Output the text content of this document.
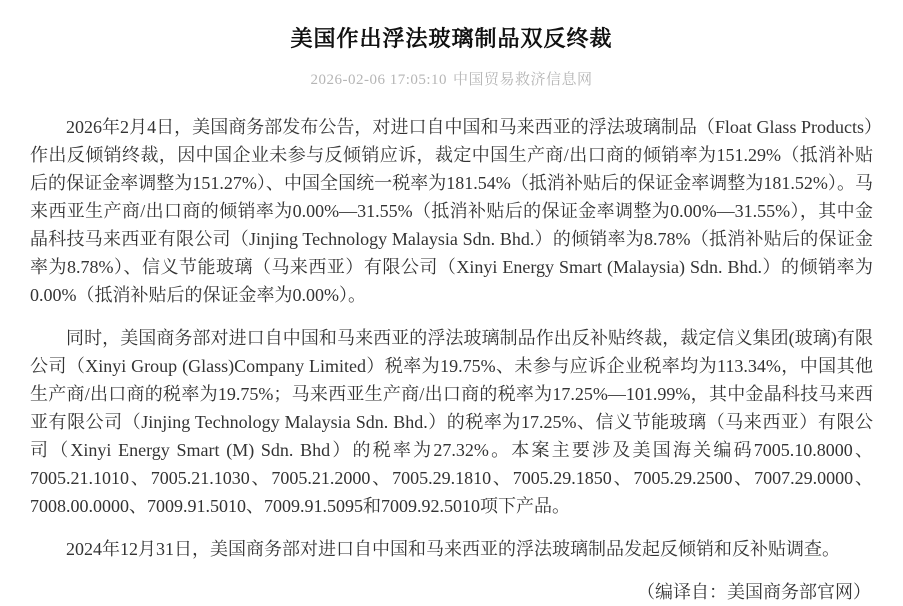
美国作出浮法玻璃制品双反终裁
2026-02-06 17:05:10 中国贸易救济信息网

2026年2月4日，美国商务部发布公告，对进口自中国和马来西亚的浮法玻璃制品（Float Glass Products）作出反倾销终裁，因中国企业未参与反倾销应诉，裁定中国生产商/出口商的倾销率为151.29%（抵消补贴后的保证金率调整为151.27%）、中国全国统一税率为181.54%（抵消补贴后的保证金率调整为181.52%）。马来西亚生产商/出口商的倾销率为0.00%—31.55%（抵消补贴后的保证金率调整为0.00%—31.55%），其中金晶科技马来西亚有限公司（Jinjing Technology Malaysia Sdn. Bhd.）的倾销率为8.78%（抵消补贴后的保证金率为8.78%）、信义节能玻璃（马来西亚）有限公司（Xinyi Energy Smart (Malaysia) Sdn. Bhd.）的倾销率为0.00%（抵消补贴后的保证金率为0.00%）。

同时，美国商务部对进口自中国和马来西亚的浮法玻璃制品作出反补贴终裁，裁定信义集团(玻璃)有限公司（Xinyi Group (Glass)Company Limited）税率为19.75%、未参与应诉企业税率均为113.34%，中国其他生产商/出口商的税率为19.75%；马来西亚生产商/出口商的税率为17.25%—101.99%，其中金晶科技马来西亚有限公司（Jinjing Technology Malaysia Sdn. Bhd.）的税率为17.25%、信义节能玻璃（马来西亚）有限公司（Xinyi Energy Smart (M) Sdn. Bhd）的税率为27.32%。本案主要涉及美国海关编码7005.10.8000、7005.21.1010、7005.21.1030、7005.21.2000、7005.29.1810、7005.29.1850、7005.29.2500、7007.29.0000、7008.00.0000、7009.91.5010、7009.91.5095和7009.92.5010项下产品。

2024年12月31日，美国商务部对进口自中国和马来西亚的浮法玻璃制品发起反倾销和反补贴调查。

（编译自：美国商务部官网）
